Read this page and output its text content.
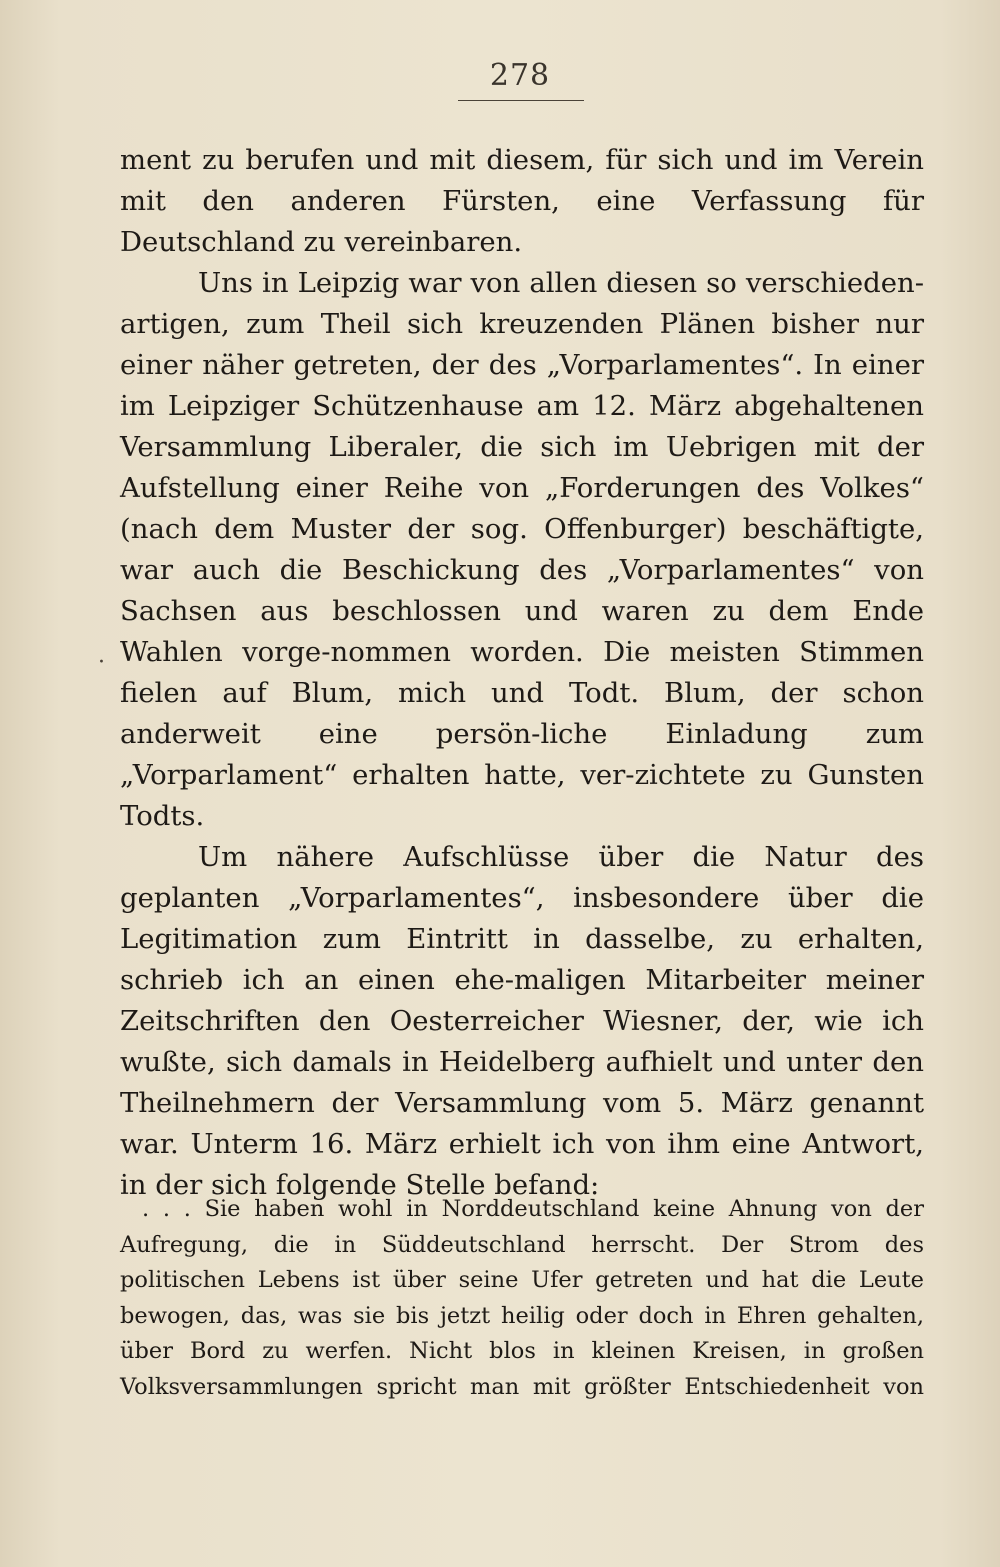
278

ment zu berufen und mit diesem, für sich und im Verein mit den anderen Fürsten, eine Verfassung für Deutschland zu vereinbaren.

Uns in Leipzig war von allen diesen so verschieden-artigen, zum Theil sich kreuzenden Plänen bisher nur einer näher getreten, der des „Vorparlamentes“. In einer im Leipziger Schützenhause am 12. März abgehaltenen Versammlung Liberaler, die sich im Uebrigen mit der Aufstellung einer Reihe von „Forderungen des Volkes“ (nach dem Muster der sog. Offenburger) beschäftigte, war auch die Beschickung des „Vorparlamentes“ von Sachsen aus beschlossen und waren zu dem Ende Wahlen vorge-nommen worden. Die meisten Stimmen fielen auf Blum, mich und Todt. Blum, der schon anderweit eine persön-liche Einladung zum „Vorparlament“ erhalten hatte, ver-zichtete zu Gunsten Todts.

Um nähere Aufschlüsse über die Natur des geplanten „Vorparlamentes“, insbesondere über die Legitimation zum Eintritt in dasselbe, zu erhalten, schrieb ich an einen ehe-maligen Mitarbeiter meiner Zeitschriften den Oesterreicher Wiesner, der, wie ich wußte, sich damals in Heidelberg aufhielt und unter den Theilnehmern der Versammlung vom 5. März genannt war. Unterm 16. März erhielt ich von ihm eine Antwort, in der sich folgende Stelle befand:

·

. . . Sie haben wohl in Norddeutschland keine Ahnung von der Aufregung, die in Süddeutschland herrscht. Der Strom des politischen Lebens ist über seine Ufer getreten und hat die Leute bewogen, das, was sie bis jetzt heilig oder doch in Ehren gehalten, über Bord zu werfen. Nicht blos in kleinen Kreisen, in großen Volksversammlungen spricht man mit größter Entschiedenheit von
